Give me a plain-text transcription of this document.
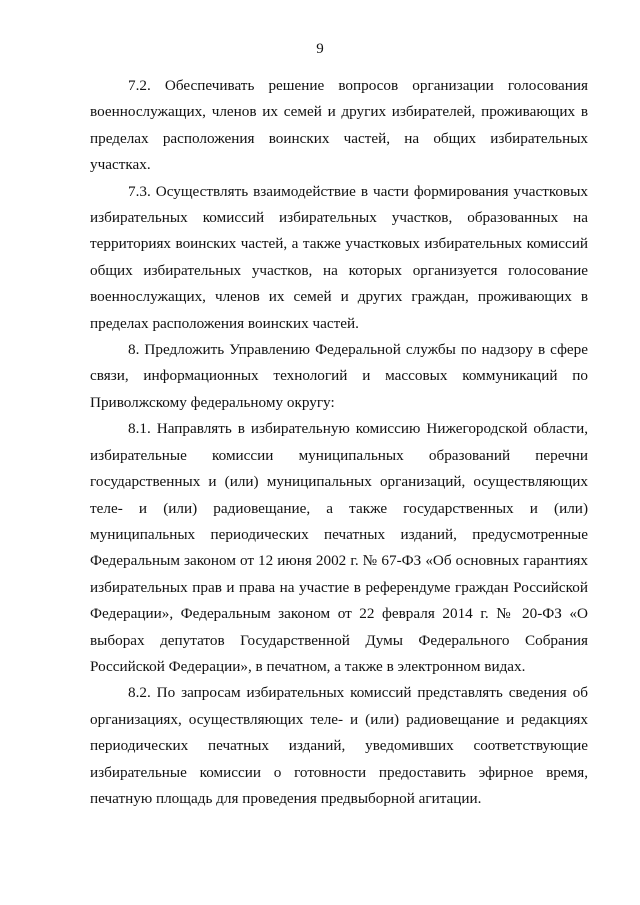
9

7.2. Обеспечивать решение вопросов организации голосования военнослужащих, членов их семей и других избирателей, проживающих в пределах расположения воинских частей, на общих избирательных участках.

7.3. Осуществлять взаимодействие в части формирования участковых избирательных комиссий избирательных участков, образованных на территориях воинских частей, а также участковых избирательных комиссий общих избирательных участков, на которых организуется голосование военнослужащих, членов их семей и других граждан, проживающих в пределах расположения воинских частей.

8. Предложить Управлению Федеральной службы по надзору в сфере связи, информационных технологий и массовых коммуникаций по Приволжскому федеральному округу:

8.1. Направлять в избирательную комиссию Нижегородской области, избирательные комиссии муниципальных образований перечни государственных и (или) муниципальных организаций, осуществляющих теле- и (или) радиовещание, а также государственных и (или) муниципальных периодических печатных изданий, предусмотренные Федеральным законом от 12 июня 2002 г. № 67-ФЗ «Об основных гарантиях избирательных прав и права на участие в референдуме граждан Российской Федерации», Федеральным законом от 22 февраля 2014 г. № 20-ФЗ «О выборах депутатов Государственной Думы Федерального Собрания Российской Федерации», в печатном, а также в электронном видах.

8.2. По запросам избирательных комиссий представлять сведения об организациях, осуществляющих теле- и (или) радиовещание и редакциях периодических печатных изданий, уведомивших соответствующие избирательные комиссии о готовности предоставить эфирное время, печатную площадь для проведения предвыборной агитации.
